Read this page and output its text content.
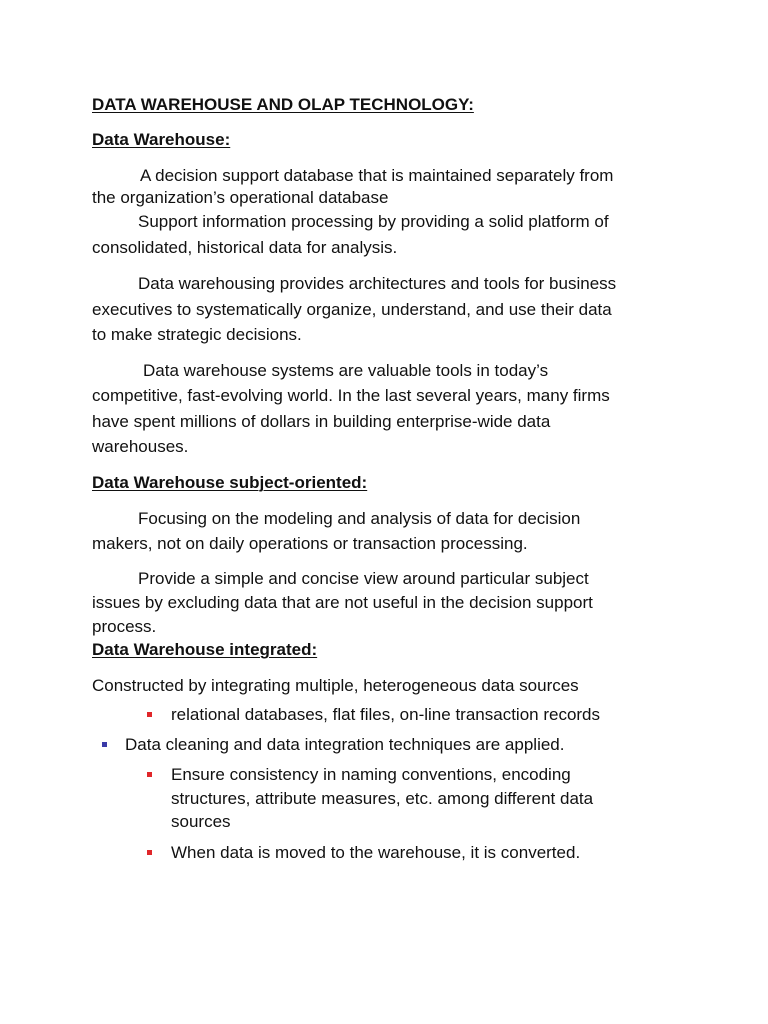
DATA WAREHOUSE AND OLAP TECHNOLOGY:

Data Warehouse:

A decision support database that is maintained separately from

the organization’s operational database

Support information processing by providing a solid platform of

consolidated, historical data for analysis.

Data warehousing provides architectures and tools for business

executives to systematically organize, understand, and use their data

to make strategic decisions.

Data warehouse systems are valuable tools in today’s

competitive, fast-evolving world. In the last several years, many firms

have spent millions of dollars in building enterprise-wide data

warehouses.

Data Warehouse subject-oriented:

Focusing on the modeling and analysis of data for decision

makers, not on daily operations or transaction processing.

Provide a simple and concise view around particular subject

issues by excluding data that are not useful in the decision support

process.

Data Warehouse integrated:

Constructed by integrating multiple, heterogeneous data sources

relational databases, flat files, on-line transaction records

Data cleaning and data integration techniques are applied.

Ensure consistency in naming conventions, encoding

structures, attribute measures, etc. among different data

sources

When data is moved to the warehouse, it is converted.
